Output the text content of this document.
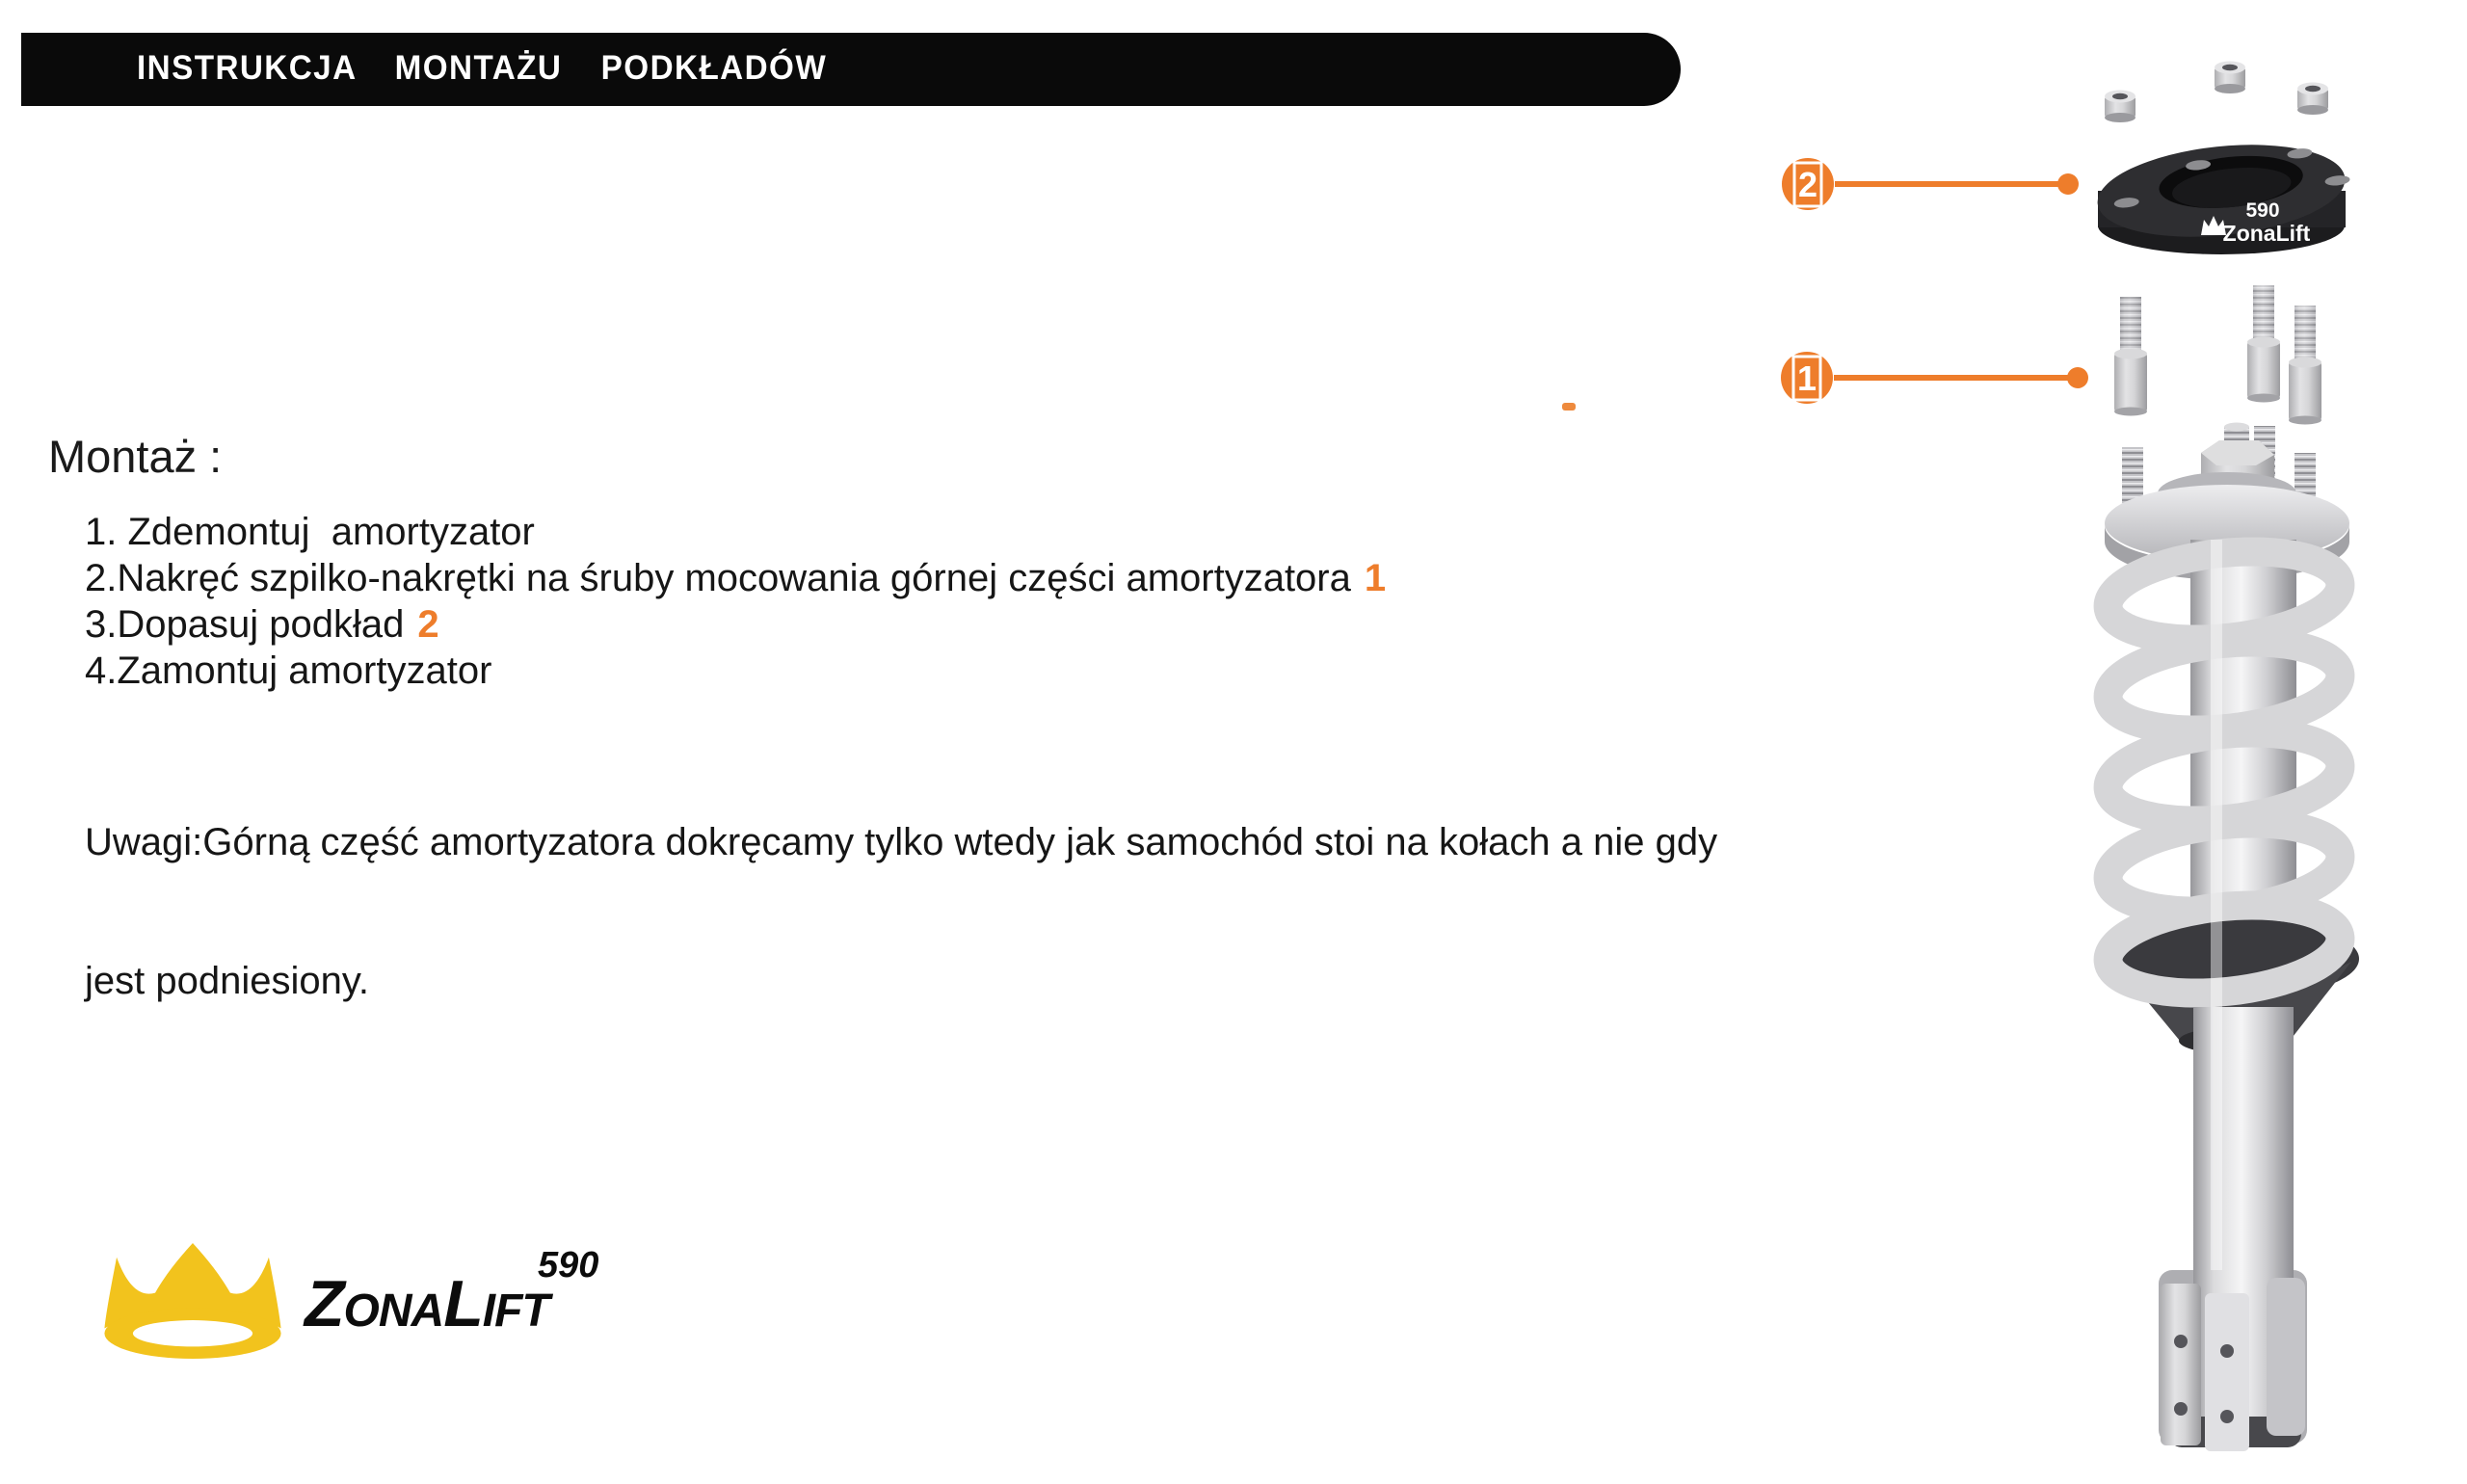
INSTRUKCJA  MONTAŻU  PODKŁADÓW
Montaż :
1. Zdemontuj  amortyzator
2.Nakręć szpilko-nakrętki na śruby mocowania górnej części amortyzatora 1
3.Dopasuj podkład 2
4.Zamontuj amortyzator

Uwagi:Górną część amortyzatora dokręcamy tylko wtedy jak samochód stoi na kołach a nie gdy

jest podniesiony.

ZonaLift
590
2
1
590
ZonaLift
